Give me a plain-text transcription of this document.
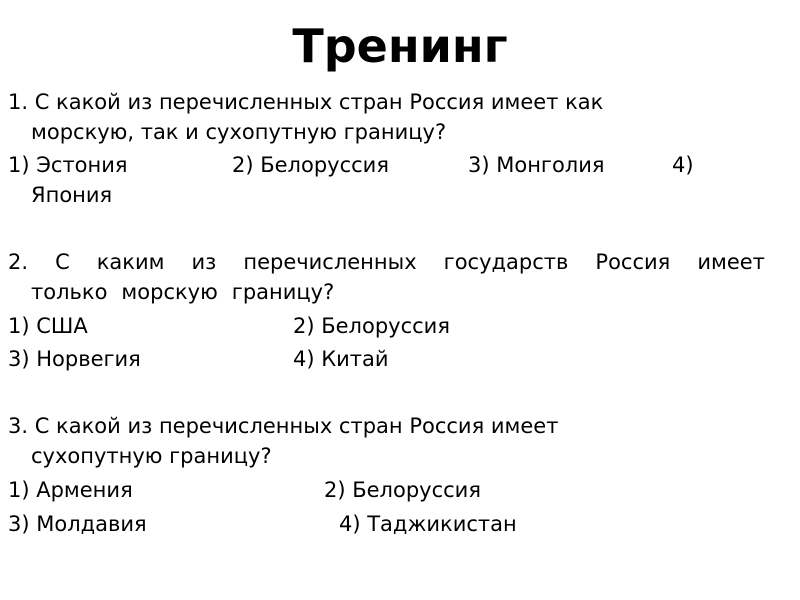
Тренинг
1. С какой из перечисленных стран Россия имеет как
морскую, так и сухопутную границу?
1) Эстония	2) Белоруссия	3) Монголия	4)
Япония
2. С каким из перечисленных государств Россия имеет
только морскую границу?
1) США	2) Белоруссия
3) Норвегия	4) Китай
3. С какой из перечисленных стран Россия имеет
сухопутную границу?
1) Армения	2) Белоруссия
3) Молдавия	4) Таджикистан
